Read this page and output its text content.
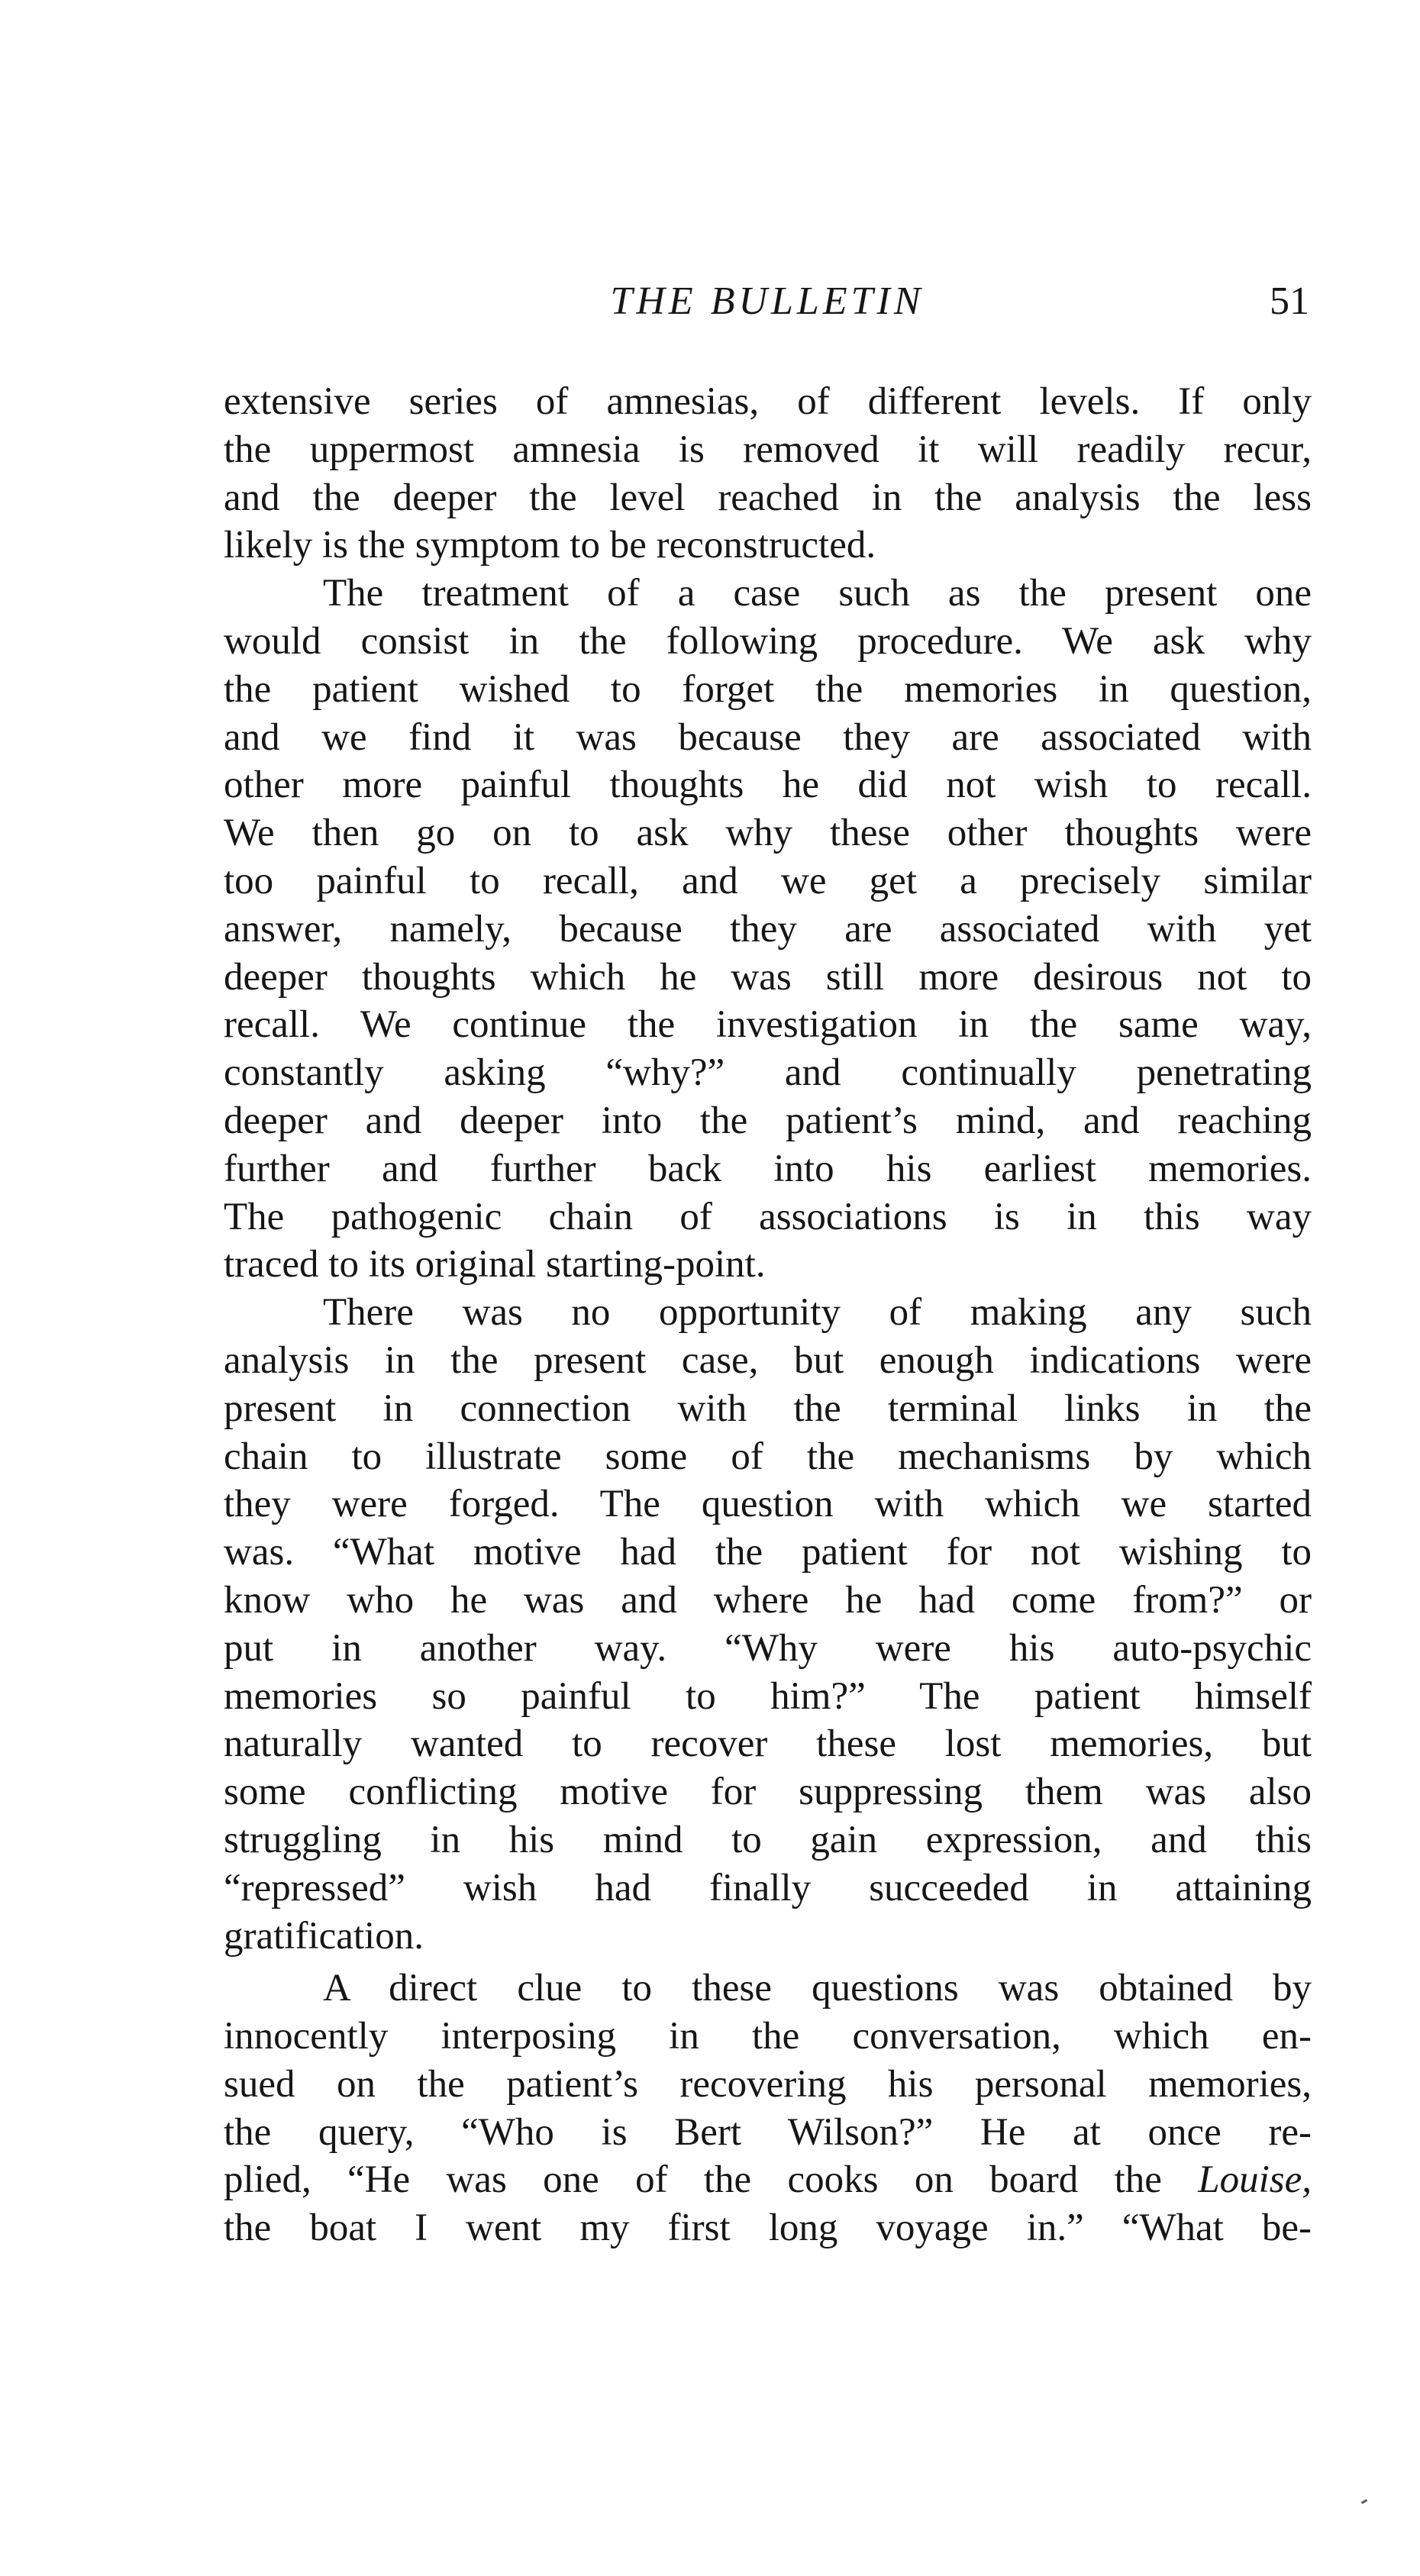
THE BULLETIN	51
extensive series of amnesias, of different levels. If only
the uppermost amnesia is removed it will readily recur,
and the deeper the level reached in the analysis the less
likely is the symptom to be reconstructed.
The treatment of a case such as the present one
would consist in the following procedure. We ask why
the patient wished to forget the memories in question,
and we find it was because they are associated with
other more painful thoughts he did not wish to recall.
We then go on to ask why these other thoughts were
too painful to recall, and we get a precisely similar
answer, namely, because they are associated with yet
deeper thoughts which he was still more desirous not to
recall. We continue the investigation in the same way,
constantly asking “why?” and continually penetrating
deeper and deeper into the patient’s mind, and reaching
further and further back into his earliest memories.
The pathogenic chain of associations is in this way
traced to its original starting-point.
There was no opportunity of making any such
analysis in the present case, but enough indications were
present in connection with the terminal links in the
chain to illustrate some of the mechanisms by which
they were forged. The question with which we started
was. “What motive had the patient for not wishing to
know who he was and where he had come from?” or
put in another way. “Why were his auto-psychic
memories so painful to him?” The patient himself
naturally wanted to recover these lost memories, but
some conflicting motive for suppressing them was also
struggling in his mind to gain expression, and this
“repressed” wish had finally succeeded in attaining
gratification.
A direct clue to these questions was obtained by
innocently interposing in the conversation, which en-
sued on the patient’s recovering his personal memories,
the query, “Who is Bert Wilson?” He at once re-
plied, “He was one of the cooks on board the Louise,
the boat I went my first long voyage in.” “What be-
